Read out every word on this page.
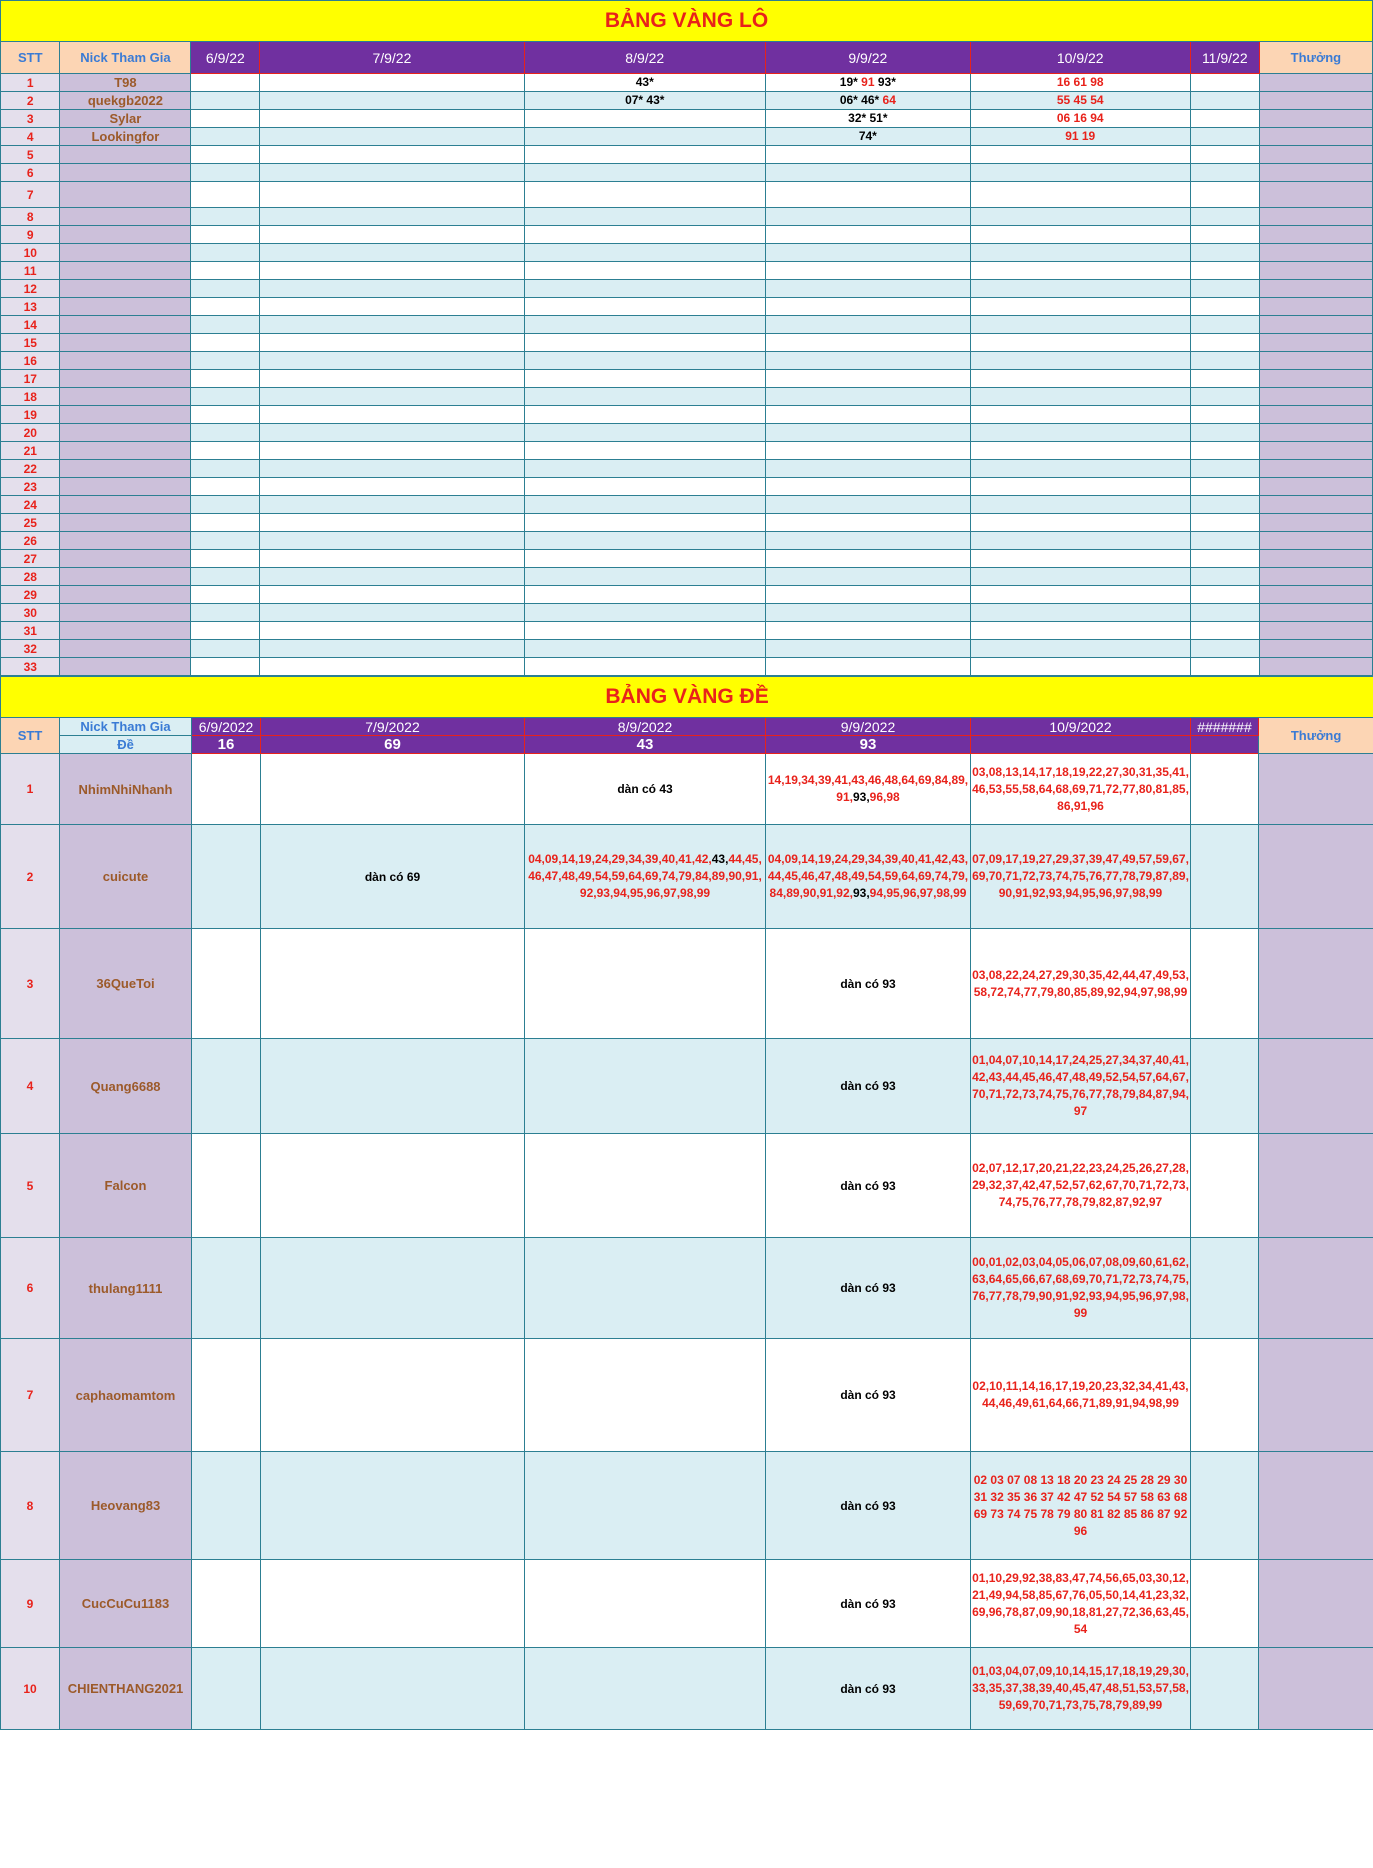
BẢNG VÀNG LÔ								
STT	Nick Tham Gia	6/9/22	7/9/22	8/9/22	9/9/22	10/9/22	11/9/22	Thưởng
1	T98			43*	19* 91 93*	16 61 98		
2	quekgb2022			07* 43*	06* 46* 64	55 45 54		
3	Sylar				32* 51*	06 16 94		
4	Lookingfor				74*	91 19		
5								
6								
7								
8								
9								
10								
11								
12								
13								
14								
15								
16								
17								
18								
19								
20								
21								
22								
23								
24								
25								
26								
27								
28								
29								
30								
31								
32								
33								
BẢNG VÀNG ĐỀ								
STT	Nick Tham Gia	6/9/2022	7/9/2022	8/9/2022	9/9/2022	10/9/2022	#######	Thưởng
	Đề	16	69	43	93			
1	NhimNhiNhanh			dàn có 43	14,19,34,39,41,43,46,48,64,69,84,89,91,93,96,98	03,08,13,14,17,18,19,22,27,30,31,35,41,46,53,55,58,64,68,69,71,72,77,80,81,85,86,91,96		
2	cuicute		dàn có 69	04,09,14,19,24,29,34,39,40,41,42,43,44,45,46,47,48,49,54,59,64,69,74,79,84,89,90,91,92,93,94,95,96,97,98,99	04,09,14,19,24,29,34,39,40,41,42,43,44,45,46,47,48,49,54,59,64,69,74,79,84,89,90,91,92,93,94,95,96,97,98,99	07,09,17,19,27,29,37,39,47,49,57,59,67,69,70,71,72,73,74,75,76,77,78,79,87,89,90,91,92,93,94,95,96,97,98,99		
3	36QueToi				dàn có 93	03,08,22,24,27,29,30,35,42,44,47,49,53,58,72,74,77,79,80,85,89,92,94,97,98,99		
4	Quang6688				dàn có 93	01,04,07,10,14,17,24,25,27,34,37,40,41,42,43,44,45,46,47,48,49,52,54,57,64,67,70,71,72,73,74,75,76,77,78,79,84,87,94,97		
5	Falcon				dàn có 93	02,07,12,17,20,21,22,23,24,25,26,27,28,29,32,37,42,47,52,57,62,67,70,71,72,73,74,75,76,77,78,79,82,87,92,97		
6	thulang1111				dàn có 93	00,01,02,03,04,05,06,07,08,09,60,61,62,63,64,65,66,67,68,69,70,71,72,73,74,75,76,77,78,79,90,91,92,93,94,95,96,97,98,99		
7	caphaomamtom				dàn có 93	02,10,11,14,16,17,19,20,23,32,34,41,43,44,46,49,61,64,66,71,89,91,94,98,99		
8	Heovang83				dàn có 93	02 03 07 08 13 18 20 23 24 25 28 29 30 31 32 35 36 37 42 47 52 54 57 58 63 68 69 73 74 75 78 79 80 81 82 85 86 87 92 96		
9	CucCuCu1183				dàn có 93	01,10,29,92,38,83,47,74,56,65,03,30,12,21,49,94,58,85,67,76,05,50,14,41,23,32,69,96,78,87,09,90,18,81,27,72,36,63,45,54		
10	CHIENTHANG2021				dàn có 93	01,03,04,07,09,10,14,15,17,18,19,29,30,33,35,37,38,39,40,45,47,48,51,53,57,58,59,69,70,71,73,75,78,79,89,99		
